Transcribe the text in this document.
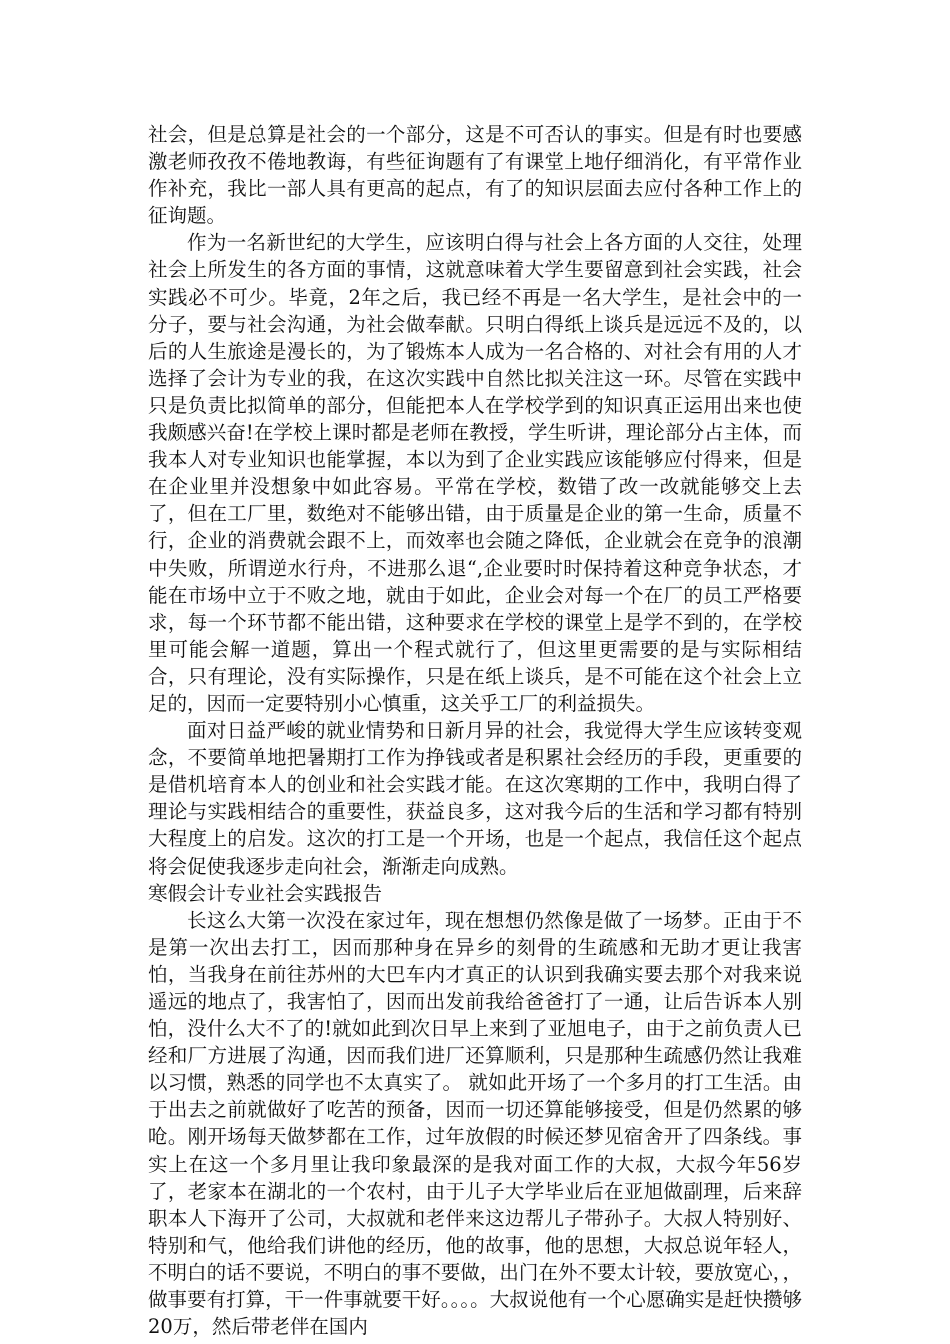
社会，但是总算是社会的一个部分，这是不可否认的事实。但是有时也要感激老师孜孜不倦地教诲，有些征询题有了有课堂上地仔细消化，有平常作业作补充，我比一部人具有更高的起点，有了的知识层面去应付各种工作上的征询题。

作为一名新世纪的大学生，应该明白得与社会上各方面的人交往，处理社会上所发生的各方面的事情，这就意味着大学生要留意到社会实践，社会实践必不可少。毕竟，2年之后，我已经不再是一名大学生，是社会中的一分子，要与社会沟通，为社会做奉献。只明白得纸上谈兵是远远不及的，以后的人生旅途是漫长的，为了锻炼本人成为一名合格的、对社会有用的人才选择了会计为专业的我，在这次实践中自然比拟关注这一环。尽管在实践中只是负责比拟简单的部分，但能把本人在学校学到的知识真正运用出来也使我颇感兴奋!在学校上课时都是老师在教授，学生听讲，理论部分占主体，而我本人对专业知识也能掌握，本以为到了企业实践应该能够应付得来，但是在企业里并没想象中如此容易。平常在学校，数错了改一改就能够交上去了，但在工厂里，数绝对不能够出错，由于质量是企业的第一生命，质量不行，企业的消费就会跟不上，而效率也会随之降低，企业就会在竞争的浪潮中失败，所谓逆水行舟，不进那么退“,企业要时时保持着这种竞争状态，才能在市场中立于不败之地，就由于如此，企业会对每一个在厂的员工严格要求，每一个环节都不能出错，这种要求在学校的课堂上是学不到的，在学校里可能会解一道题，算出一个程式就行了，但这里更需要的是与实际相结合，只有理论，没有实际操作，只是在纸上谈兵，是不可能在这个社会上立足的，因而一定要特别小心慎重，这关乎工厂的利益损失。

面对日益严峻的就业情势和日新月异的社会，我觉得大学生应该转变观念，不要简单地把暑期打工作为挣钱或者是积累社会经历的手段，更重要的是借机培育本人的创业和社会实践才能。在这次寒期的工作中，我明白得了理论与实践相结合的重要性，获益良多，这对我今后的生活和学习都有特别大程度上的启发。这次的打工是一个开场，也是一个起点，我信任这个起点将会促使我逐步走向社会，渐渐走向成熟。

寒假会计专业社会实践报告

长这么大第一次没在家过年，现在想想仍然像是做了一场梦。正由于不是第一次出去打工，因而那种身在异乡的刻骨的生疏感和无助才更让我害怕，当我身在前往苏州的大巴车内才真正的认识到我确实要去那个对我来说遥远的地点了，我害怕了，因而出发前我给爸爸打了一通，让后告诉本人别怕，没什么大不了的!就如此到次日早上来到了亚旭电子，由于之前负责人已经和厂方进展了沟通，因而我们进厂还算顺利，只是那种生疏感仍然让我难以习惯，熟悉的同学也不太真实了。 就如此开场了一个多月的打工生活。由于出去之前就做好了吃苦的预备，因而一切还算能够接受，但是仍然累的够呛。刚开场每天做梦都在工作，过年放假的时候还梦见宿舍开了四条线。事实上在这一个多月里让我印象最深的是我对面工作的大叔，大叔今年56岁了，老家本在湖北的一个农村，由于儿子大学毕业后在亚旭做副理，后来辞职本人下海开了公司，大叔就和老伴来这边帮儿子带孙子。大叔人特别好、特别和气，他给我们讲他的经历，他的故事，他的思想，大叔总说年轻人，不明白的话不要说，不明白的事不要做，出门在外不要太计较，要放宽心，，做事要有打算，干一件事就要干好。。。。大叔说他有一个心愿确实是赶快攒够20万，然后带老伴在国内
